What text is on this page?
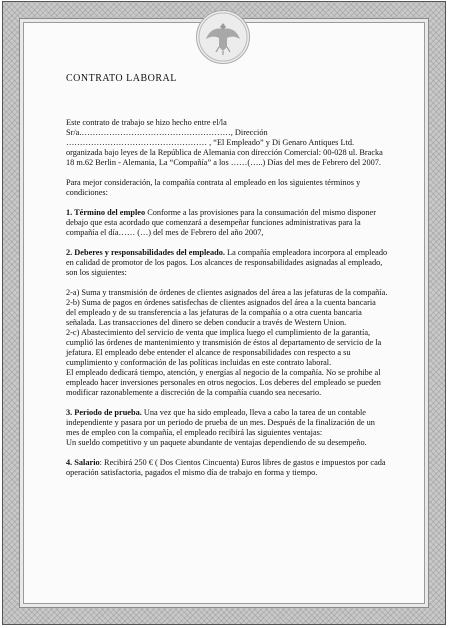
CONTRATO LABORAL

Este contrato de trabajo se hizo hecho entre el/la Sr/a.………………………………………………, Dirección …………………………………………… , “El Empleado” y Di Genaro Antiques Ltd. organizada bajo leyes de la República de Alemania con dirección Comercial: 00-028 ul. Bracka 18 m.62 Berlin - Alemania, La “Compañía” a los ……(…..) Días del mes de Febrero del 2007.

Para mejor consideración, la compañía contrata al empleado en los siguientes términos y condiciones:

1. Término del empleo Conforme a las provisiones para la consumación del mismo disponer debajo que esta acordado que comenzará a desempeñar funciones administrativas para la compañía el día…… (…) del mes de Febrero del año 2007,

2. Deberes y responsabilidades del empleado. La compañía empleadora incorpora al empleado en calidad de promotor de los pagos. Los alcances de responsabilidades asignadas al empleado, son los siguientes:

2-a) Suma y transmisión de órdenes de clientes asignados del área a las jefaturas de la compañía.

2-b) Suma de pagos en órdenes satisfechas de clientes asignados del área a la cuenta bancaria del empleado y de su transferencia a las jefaturas de la compañía o a otra cuenta bancaria señalada. Las transacciones del dinero se deben conducir a través de Western Union.

2-c) Abastecimiento del servicio de venta que implica luego el cumplimiento de la garantía, cumplió las órdenes de mantenimiento y transmisión de éstos al departamento de servicio de la jefatura. El empleado debe entender el alcance de responsabilidades con respecto a su cumplimiento y conformación de las políticas incluidas en este contrato laboral.

El empleado dedicará tiempo, atención, y energías al negocio de la compañía. No se prohibe al empleado hacer inversiones personales en otros negocios. Los deberes del empleado se pueden modificar razonablemente a discreción de la compañía cuando sea necesario.

3. Periodo de prueba. Una vez que ha sido empleado, lleva a cabo la tarea de un contable independiente y pasara por un periodo de prueba de un mes. Después de la finalización de un mes de empleo con la compañía, el empleado recibirá las siguientes ventajas:

Un sueldo competitivo y un paquete abundante de ventajas dependiendo de su desempeño.

4. Salario: Recibirá 250 € ( Dos Cientos Cincuenta) Euros libres de gastos e impuestos por cada operación satisfactoria, pagados el mismo día de trabajo en forma y tiempo.
